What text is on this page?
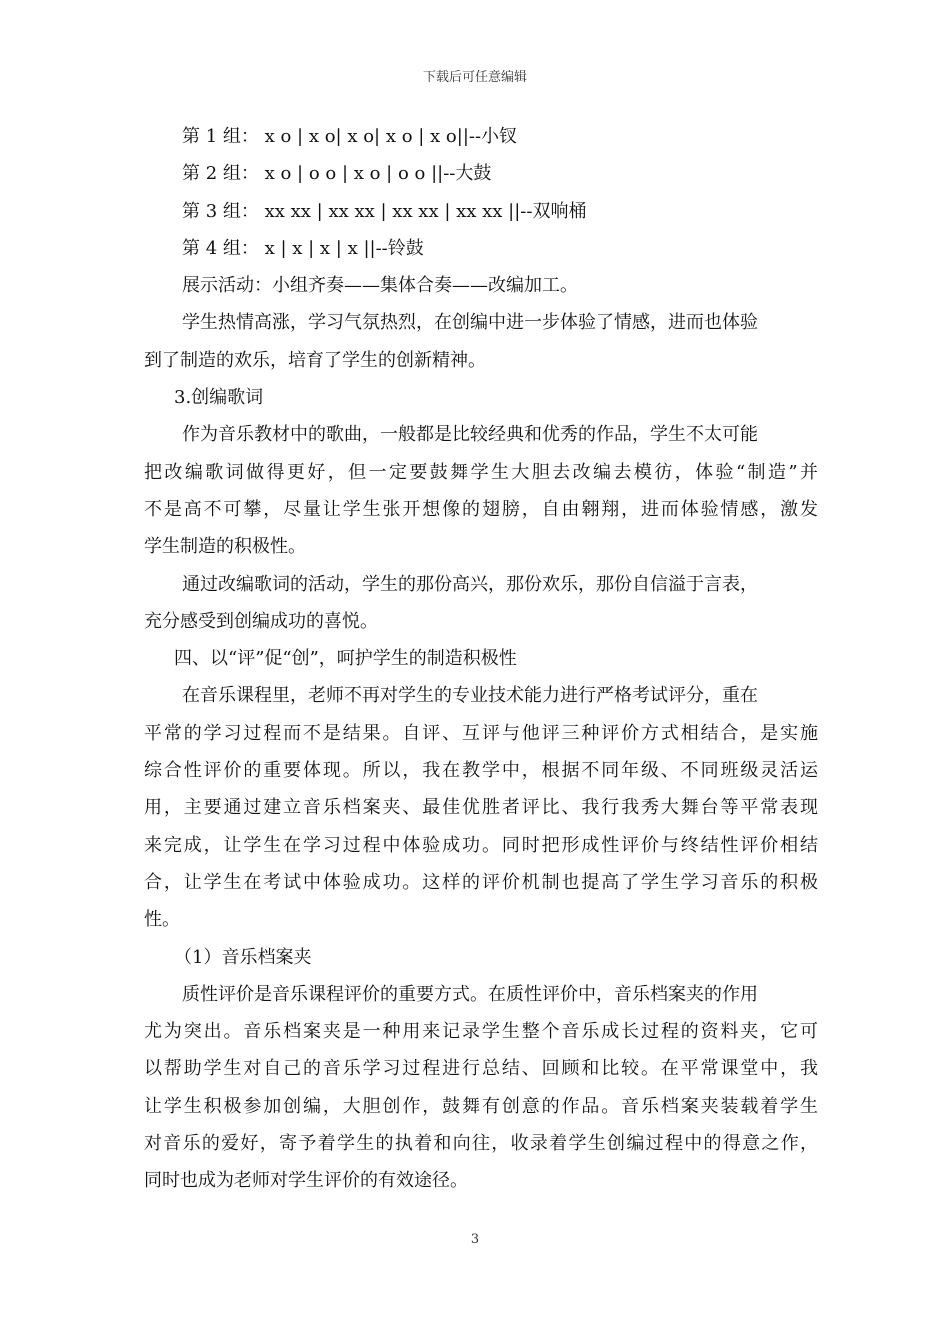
下载后可任意编辑
第 1 组： x o | x o| x o| x o | x o||--小钗
第 2 组： x o | o o | x o | o o ||--大鼓
第 3 组： xx xx | xx xx | xx xx | xx xx ||--双响桶
第 4 组： x | x | x | x ||--铃鼓
展示活动：小组齐奏——集体合奏——改编加工。
学生热情高涨，学习气氛热烈，在创编中进一步体验了情感，进而也体验
到了制造的欢乐，培育了学生的创新精神。
3.创编歌词
作为音乐教材中的歌曲，一般都是比较经典和优秀的作品，学生不太可能
把改编歌词做得更好，但一定要鼓舞学生大胆去改编去模彷，体验“制造”并
不是高不可攀，尽量让学生张开想像的翅膀，自由翱翔，进而体验情感，激发
学生制造的积极性。
通过改编歌词的活动，学生的那份高兴，那份欢乐，那份自信溢于言表，
充分感受到创编成功的喜悦。
四、以“评”促“创”，呵护学生的制造积极性
在音乐课程里，老师不再对学生的专业技术能力进行严格考试评分，重在
平常的学习过程而不是结果。自评、互评与他评三种评价方式相结合，是实施
综合性评价的重要体现。所以，我在教学中，根据不同年级、不同班级灵活运
用，主要通过建立音乐档案夹、最佳优胜者评比、我行我秀大舞台等平常表现
来完成，让学生在学习过程中体验成功。同时把形成性评价与终结性评价相结
合，让学生在考试中体验成功。这样的评价机制也提高了学生学习音乐的积极
性。
（1）音乐档案夹
质性评价是音乐课程评价的重要方式。在质性评价中，音乐档案夹的作用
尤为突出。音乐档案夹是一种用来记录学生整个音乐成长过程的资料夹，它可
以帮助学生对自己的音乐学习过程进行总结、回顾和比较。在平常课堂中，我
让学生积极参加创编，大胆创作，鼓舞有创意的作品。音乐档案夹装载着学生
对音乐的爱好，寄予着学生的执着和向往，收录着学生创编过程中的得意之作，
同时也成为老师对学生评价的有效途径。
3
